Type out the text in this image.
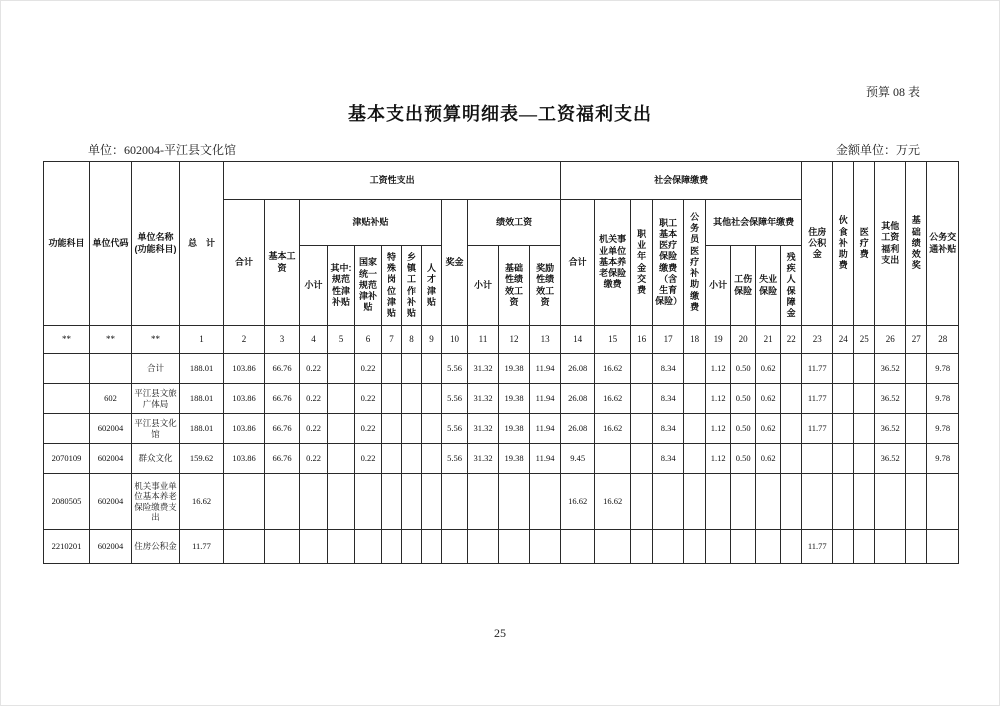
预算 08 表
基本支出预算明细表—工资福利支出
单位：602004-平江县文化馆	金额单位：万元
功能科目	单位代码	单位名称(功能科目)	总　计	工资性支出												社会保障缴费									住房公积金	伙食补助费	医疗费	其他工资福利支出	基础绩效奖	公务交通补贴
				合计	基本工资	津贴补贴						奖金	绩效工资			合计	机关事业单位基本养老保险缴费	职业年金交费	职工基本医疗保险缴费（含生育保险）	公务员医疗补助缴费	其他社会保障年缴费									
						小计	其中:规范性津补贴	国家统一规范津补贴	特殊岗位津贴	乡镇工作补贴	人才津贴		小计	基础性绩效工资	奖励性绩效工资						小计	工伤保险	失业保险	残疾人保障金						
**	**	**	1	2	3	4	5	6	7	8	9	10	11	12	13	14	15	16	17	18	19	20	21	22	23	24	25	26	27	28
		合计	188.01	103.86	66.76	0.22		0.22				5.56	31.32	19.38	11.94	26.08	16.62		8.34		1.12	0.50	0.62		11.77			36.52		9.78
	602	平江县文旅广体局	188.01	103.86	66.76	0.22		0.22				5.56	31.32	19.38	11.94	26.08	16.62		8.34		1.12	0.50	0.62		11.77			36.52		9.78
	602004	平江县文化馆	188.01	103.86	66.76	0.22		0.22				5.56	31.32	19.38	11.94	26.08	16.62		8.34		1.12	0.50	0.62		11.77			36.52		9.78
2070109	602004	群众文化	159.62	103.86	66.76	0.22		0.22				5.56	31.32	19.38	11.94	9.45			8.34		1.12	0.50	0.62					36.52		9.78
2080505	602004	机关事业单位基本养老保险缴费支出	16.62													16.62	16.62													
2210201	602004	住房公积金	11.77																						11.77					
25
